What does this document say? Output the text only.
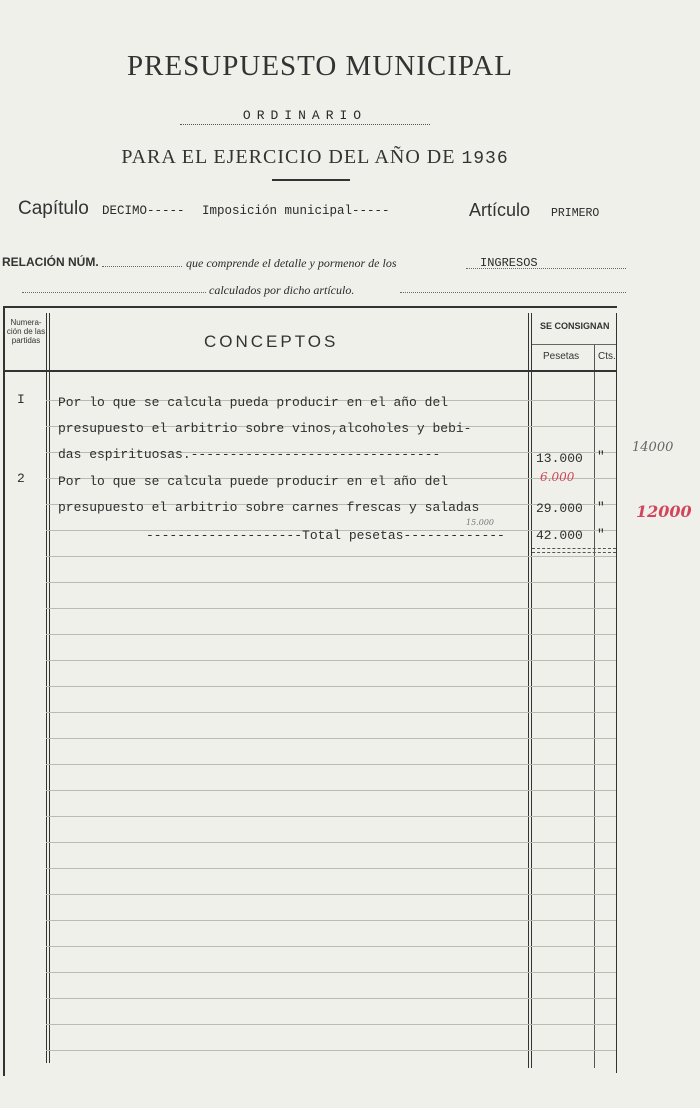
PRESUPUESTO MUNICIPAL
ORDINARIO
PARA EL EJERCICIO DEL AÑO DE 1936
Capítulo DECIMO----- Imposición municipal-----	Artículo PRIMERO
RELACIÓN NÚM.	que comprende el detalle y pormenor de los	INGRESOS
calculados por dicho artículo.
Numera-ción de las partidas	CONCEPTOS
SE CONSIGNAN
Pesetas Cts.
I	Por lo que se calcula pueda producir en el año del
presupuesto el arbitrio sobre vinos,alcoholes y bebi-
das espirituosas.--------------------------------	13.000 "
2	Por lo que se calcula puede producir en el año del
presupuesto el arbitrio sobre carnes frescas y saladas	29.000 "
--------------------Total pesetas------------- 42.000 "
14000
6.000
15.000
12000
